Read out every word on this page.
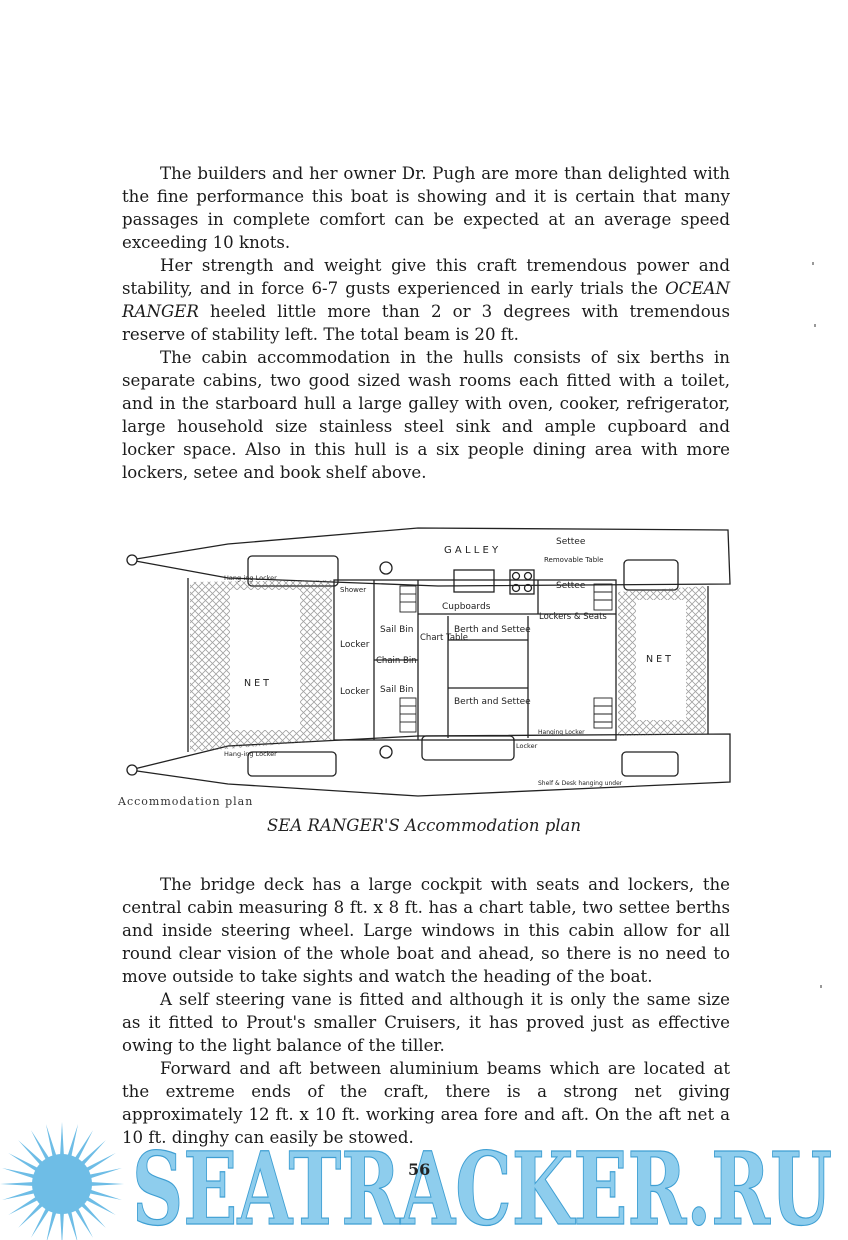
The builders and her owner Dr. Pugh are more than delighted with the fine performance this boat is showing and it is certain that many passages in complete comfort can be expected at an average speed exceeding 10 knots.

Her strength and weight give this craft tremendous power and stability, and in force 6-7 gusts experienced in early trials the OCEAN RANGER heeled little more than 2 or 3 degrees with tremendous reserve of stability left. The total beam is 20 ft.

The cabin accommodation in the hulls consists of six berths in separate cabins, two good sized wash rooms each fitted with a toilet, and in the starboard hull a large galley with oven, cooker, refrigerator, large household size stainless steel sink and ample cupboard and locker space. Also in this hull is a six people dining area with more lockers, setee and book shelf above.

G A L L E Y
Settee
Removable Table
Settee
Cupboards
Lockers & Seats
Shower
Hang-ing Locker
Hang-ing Locker
Sail Bin
Sail Bin
Locker
Locker
Chain Bin
Chart Table
Berth and Settee
Berth and Settee
N E T
N E T
Locker
Hanging Locker
Shelf & Desk hanging under
Accommodation plan
SEA RANGER'S Accommodation plan

The bridge deck has a large cockpit with seats and lockers, the central cabin measuring 8 ft. x 8 ft. has a chart table, two settee berths and inside steering wheel. Large windows in this cabin allow for all round clear vision of the whole boat and ahead, so there is no need to move outside to take sights and watch the heading of the boat.

A self steering vane is fitted and although it is only the same size as it fitted to Prout's smaller Cruisers, it has proved just as effective owing to the light balance of the tiller.

Forward and aft between aluminium beams which are located at the extreme ends of the craft, there is a strong net giving approximately 12 ft. x 10 ft. working area fore and aft. On the aft net a 10 ft. dinghy can easily be stowed.

SEATRACKER.RU
56
